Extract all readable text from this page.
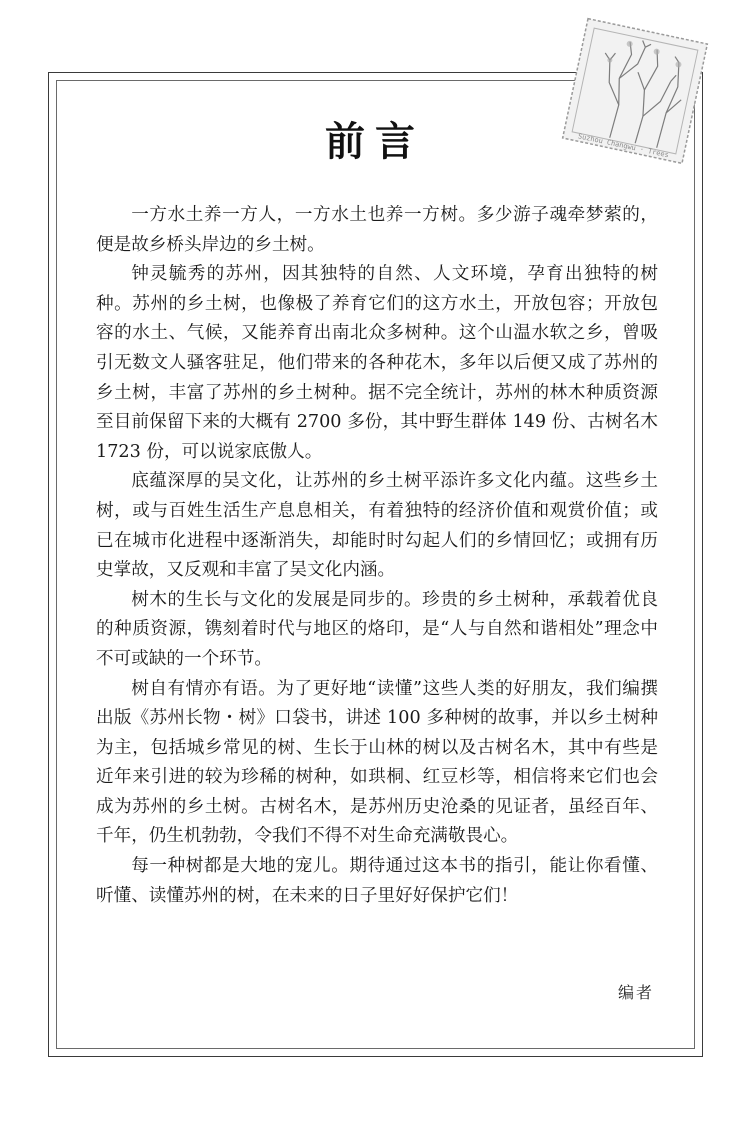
Suzhou Changwu · Trees
前言

一方水土养一方人，一方水土也养一方树。多少游子魂牵梦萦的，便是故乡桥头岸边的乡土树。

钟灵毓秀的苏州，因其独特的自然、人文环境，孕育出独特的树种。苏州的乡土树，也像极了养育它们的这方水土，开放包容；开放包容的水土、气候，又能养育出南北众多树种。这个山温水软之乡，曾吸引无数文人骚客驻足，他们带来的各种花木，多年以后便又成了苏州的乡土树，丰富了苏州的乡土树种。据不完全统计，苏州的林木种质资源至目前保留下来的大概有 2700 多份，其中野生群体 149 份、古树名木 1723 份，可以说家底傲人。

底蕴深厚的吴文化，让苏州的乡土树平添许多文化内蕴。这些乡土树，或与百姓生活生产息息相关，有着独特的经济价值和观赏价值；或已在城市化进程中逐渐消失，却能时时勾起人们的乡情回忆；或拥有历史掌故，又反观和丰富了吴文化内涵。

树木的生长与文化的发展是同步的。珍贵的乡土树种，承载着优良的种质资源，镌刻着时代与地区的烙印，是“人与自然和谐相处”理念中不可或缺的一个环节。

树自有情亦有语。为了更好地“读懂”这些人类的好朋友，我们编撰出版《苏州长物・树》口袋书，讲述 100 多种树的故事，并以乡土树种为主，包括城乡常见的树、生长于山林的树以及古树名木，其中有些是近年来引进的较为珍稀的树种，如珙桐、红豆杉等，相信将来它们也会成为苏州的乡土树。古树名木，是苏州历史沧桑的见证者，虽经百年、千年，仍生机勃勃，令我们不得不对生命充满敬畏心。

每一种树都是大地的宠儿。期待通过这本书的指引，能让你看懂、听懂、读懂苏州的树，在未来的日子里好好保护它们！

编者
